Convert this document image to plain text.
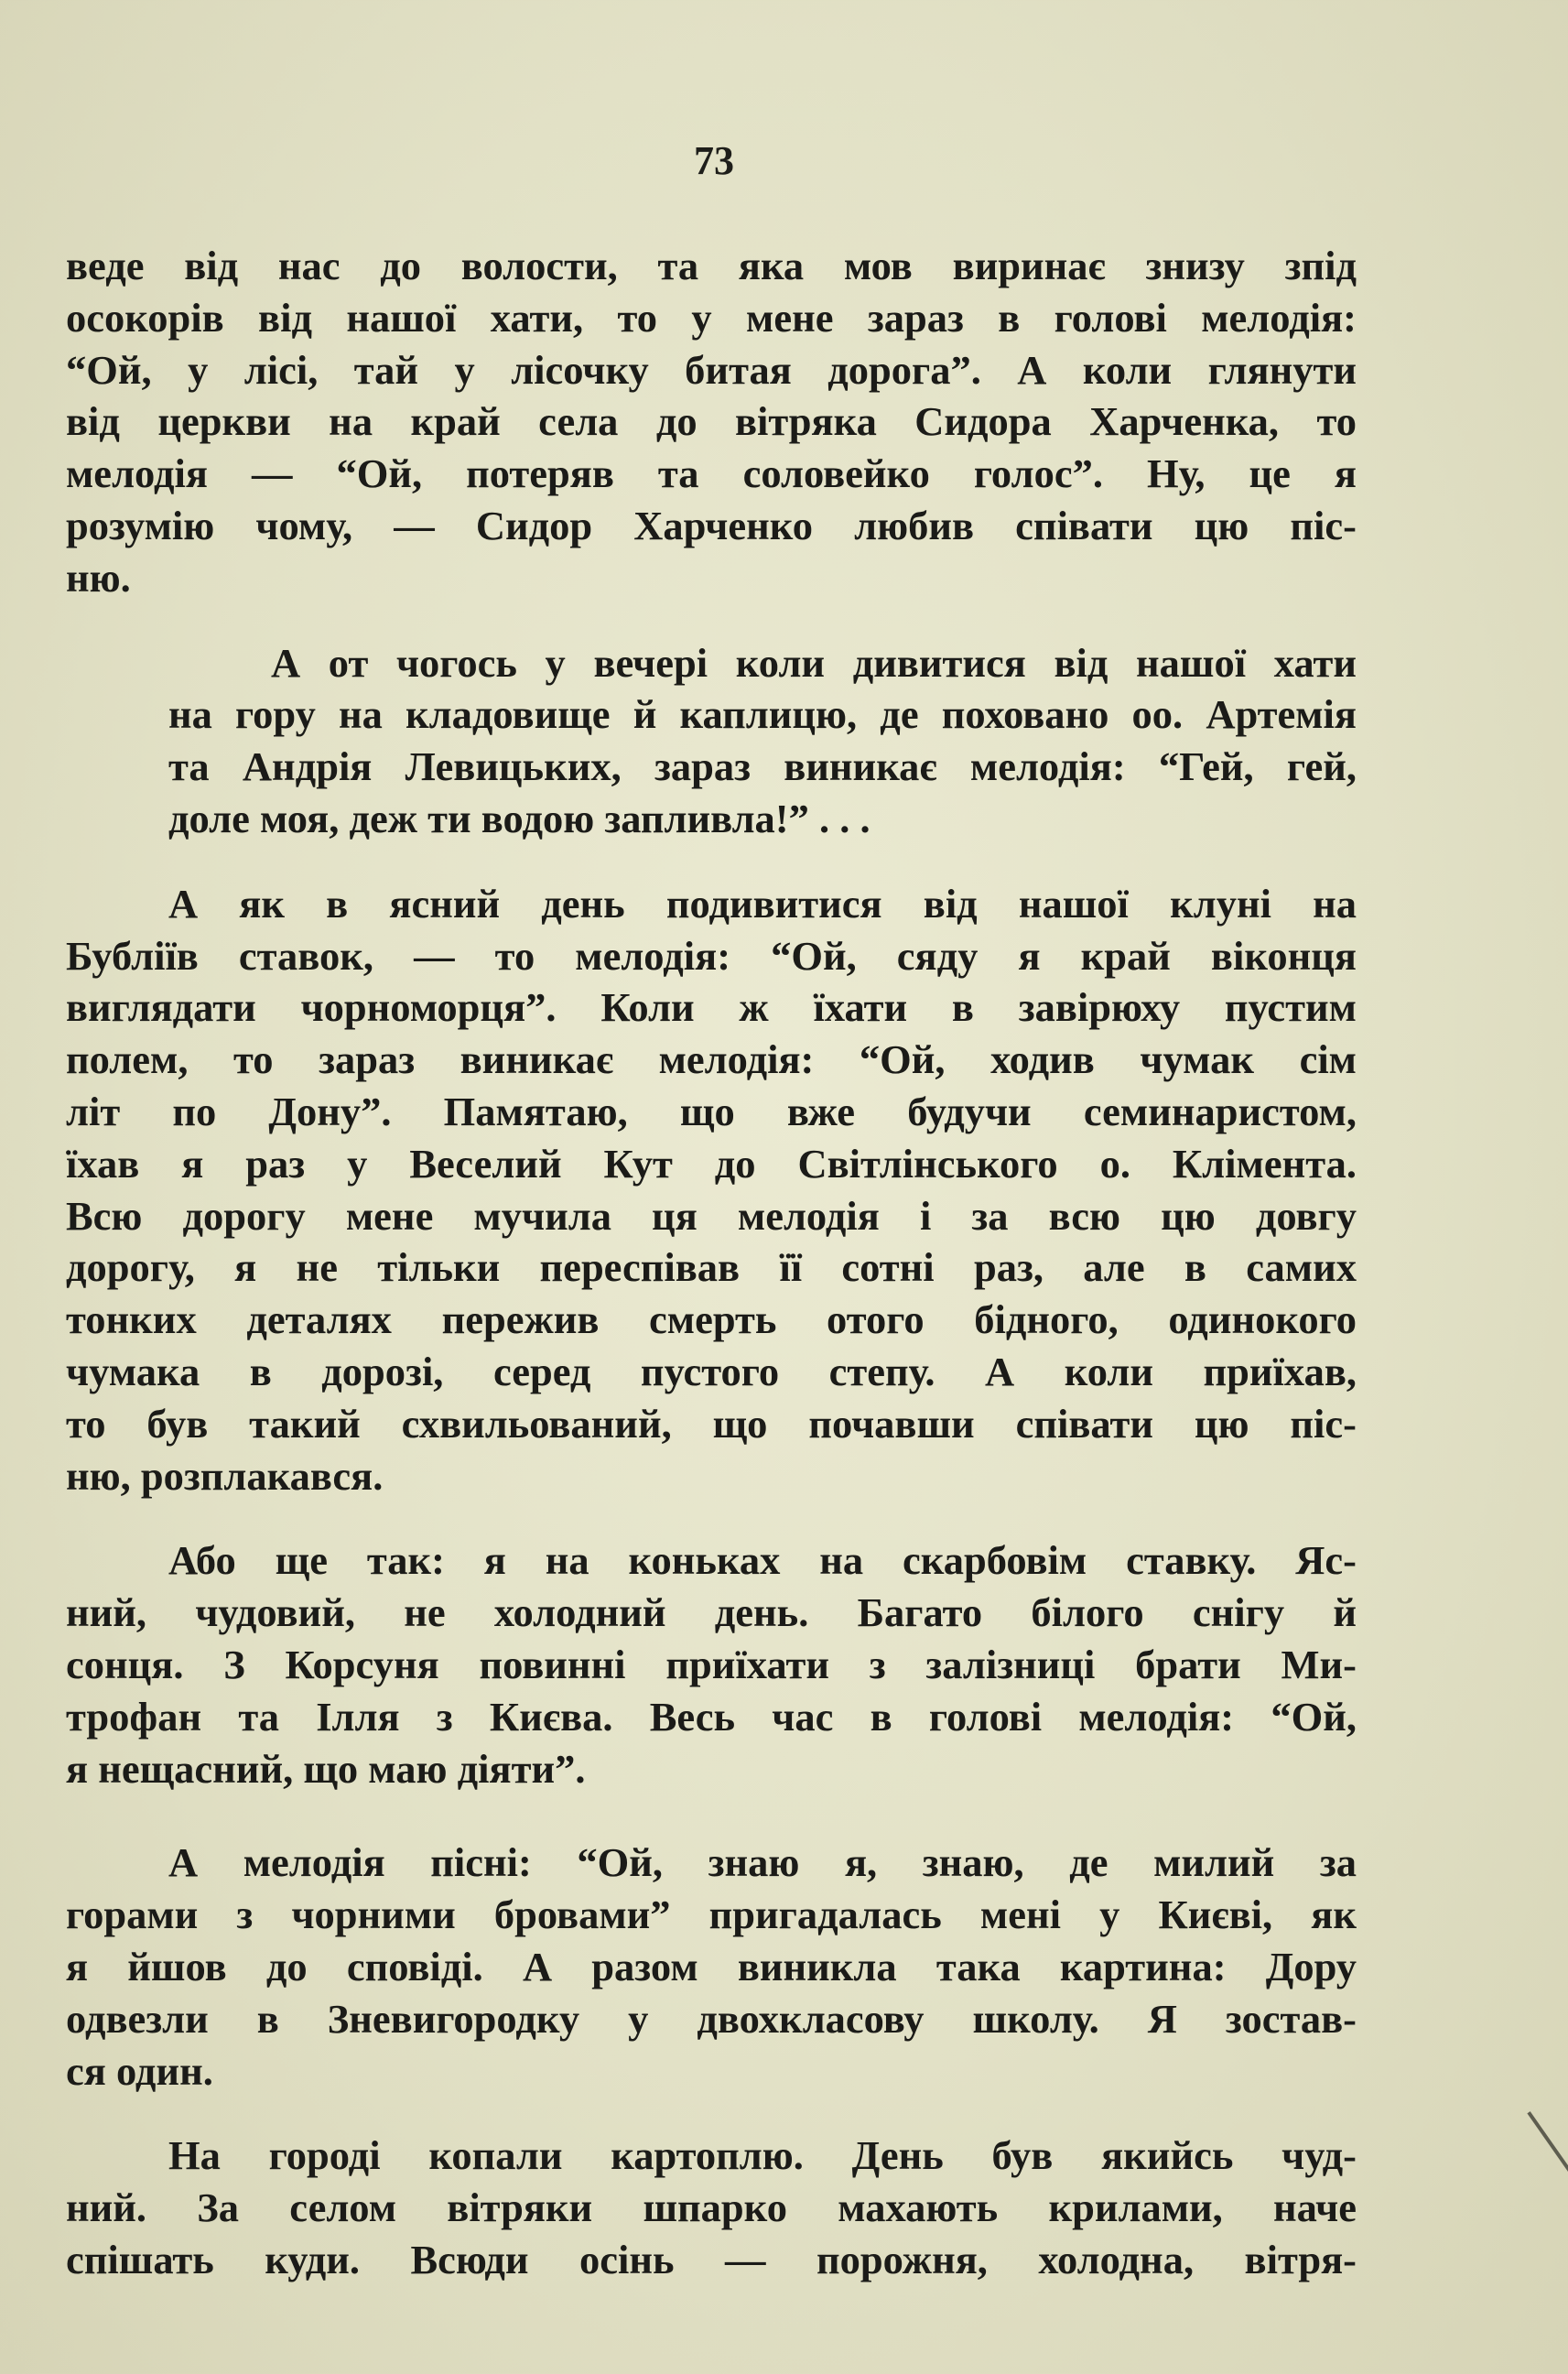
73

веде від нас до волости, та яка мов виринає знизу зпід
осокорів від нашої хати, то у мене зараз в голові мелодія:
“Ой, у лісі, тай у лісочку битая дорога”. А коли глянути
від церкви на край села до вітряка Сидора Харченка, то
мелодія — “Ой, потеряв та соловейко голос”. Ну, це я
розумію чому, — Сидор Харченко любив співати цю піс-
ню.

А от чогось у вечері коли дивитися від нашої хати
на гору на кладовище й каплицю, де поховано оо. Артемія
та Андрія Левицьких, зараз виникає мелодія: “Гей, гей,
доле моя, деж ти водою запливла!” . . .

А як в ясний день подивитися від нашої клуні на
Бубліїв ставок, — то мелодія: “Ой, сяду я край віконця
виглядати чорноморця”. Коли ж їхати в завірюху пустим
полем, то зараз виникає мелодія: “Ой, ходив чумак сім
літ по Дону”. Памятаю, що вже будучи семинаристом,
їхав я раз у Веселий Кут до Світлінського о. Клімента.
Всю дорогу мене мучила ця мелодія і за всю цю довгу
дорогу, я не тільки переспівав її сотні раз, але в самих
тонких деталях пережив смерть отого бідного, одинокого
чумака в дорозі, серед пустого степу. А коли приїхав,
то був такий схвильований, що почавши співати цю піс-
ню, розплакався.

Або ще так: я на коньках на скарбовім ставку. Яс-
ний, чудовий, не холодний день. Багато білого снігу й
сонця. З Корсуня повинні приїхати з залізниці брати Ми-
трофан та Ілля з Києва. Весь час в голові мелодія: “Ой,
я нещасний, що маю діяти”.

А мелодія пісні: “Ой, знаю я, знаю, де милий за
горами з чорними бровами” пригадалась мені у Києві, як
я йшов до сповіді. А разом виникла така картина: Дору
одвезли в Зневигородку у двохкласову школу. Я зостав-
ся один.

На городі копали картоплю. День був якийсь чуд-
ний. За селом вітряки шпарко махають крилами, наче
спішать куди. Всюди осінь — порожня, холодна, вітря-
